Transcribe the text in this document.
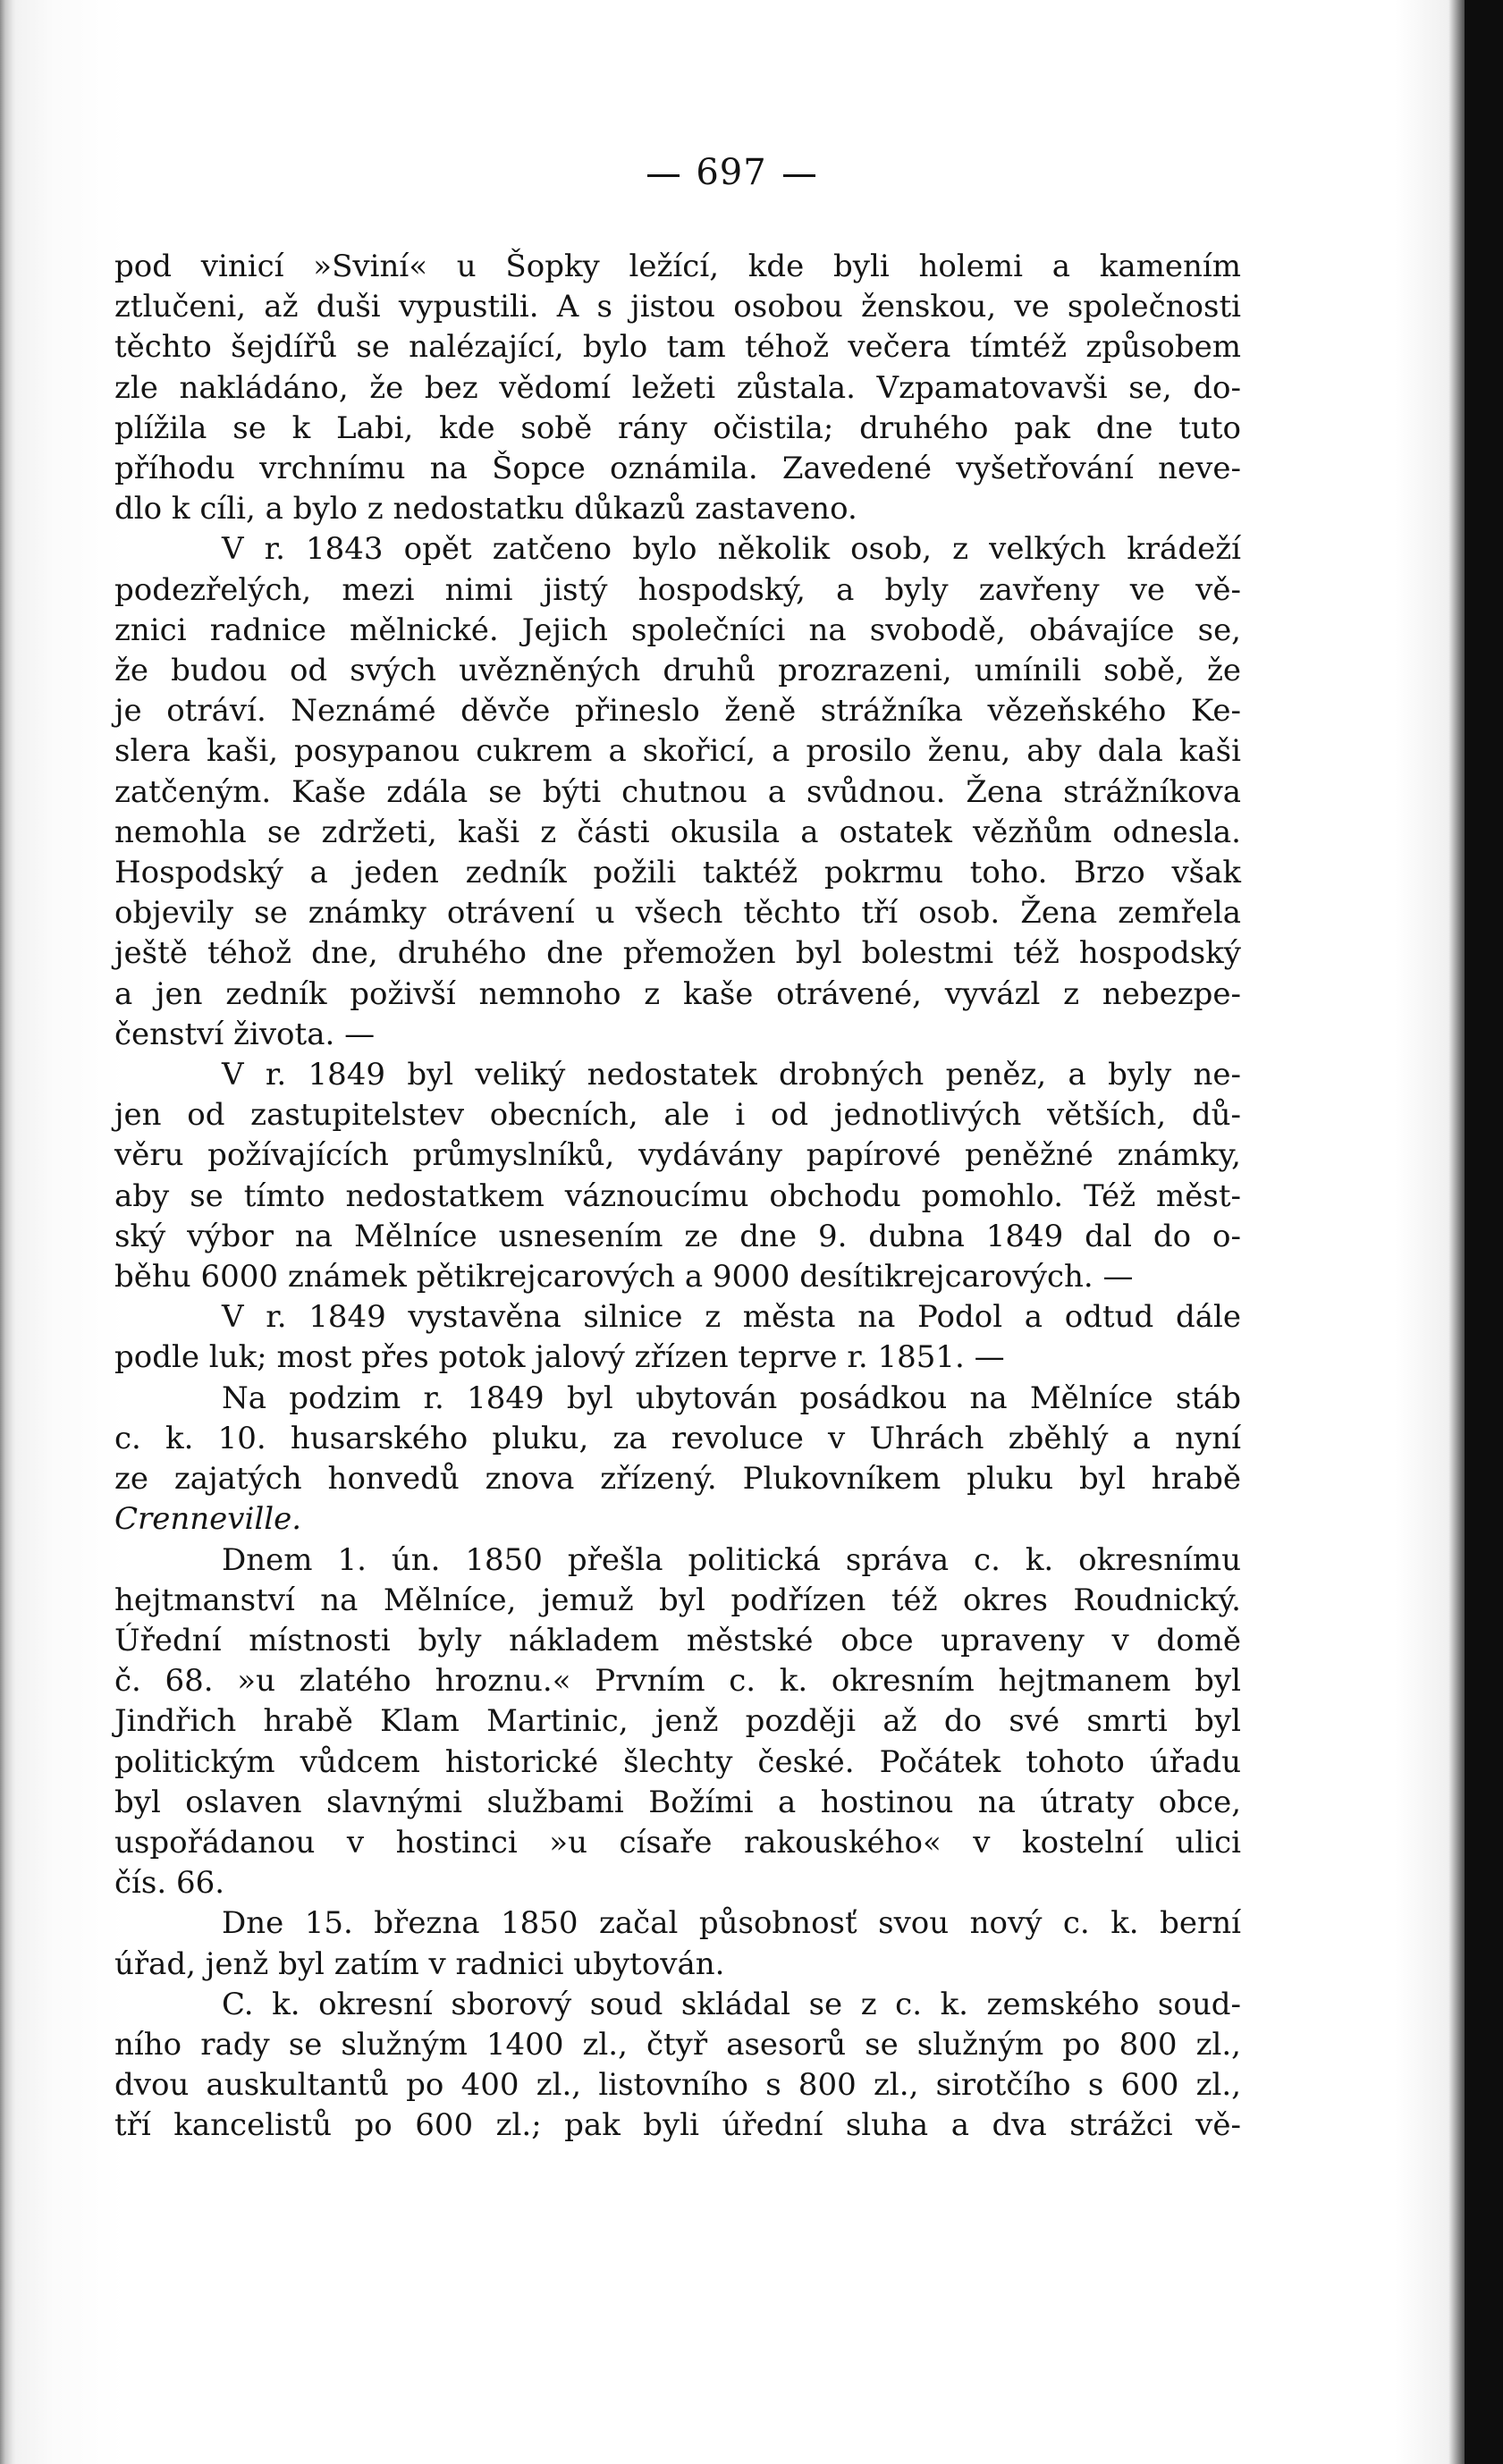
697
pod vinicí »Sviní« u Šopky ležící, kde byli holemi a kamením
ztlučeni, až duši vypustili. A s jistou osobou ženskou, ve společnosti
těchto šejdířů se nalézající, bylo tam téhož večera tímtéž způsobem
zle nakládáno, že bez vědomí ležeti zůstala. Vzpamatovavši se, do-
plížila se k Labi, kde sobě rány očistila; druhého pak dne tuto
příhodu vrchnímu na Šopce oznámila. Zavedené vyšetřování neve-
dlo k cíli, a bylo z nedostatku důkazů zastaveno.
V r. 1843 opět zatčeno bylo několik osob, z velkých krádeží
podezřelých, mezi nimi jistý hospodský, a byly zavřeny ve vě-
znici radnice mělnické. Jejich společníci na svobodě, obávajíce se,
že budou od svých uvězněných druhů prozrazeni, umínili sobě, že
je otráví. Neznámé děvče přineslo ženě strážníka vězeňského Ke-
slera kaši, posypanou cukrem a skořicí, a prosilo ženu, aby dala kaši
zatčeným. Kaše zdála se býti chutnou a svůdnou. Žena strážníkova
nemohla se zdržeti, kaši z části okusila a ostatek vězňům odnesla.
Hospodský a jeden zedník požili taktéž pokrmu toho. Brzo však
objevily se známky otrávení u všech těchto tří osob. Žena zemřela
ještě téhož dne, druhého dne přemožen byl bolestmi též hospodský
a jen zedník poživší nemnoho z kaše otrávené, vyvázl z nebezpe-
čenství života. —
V r. 1849 byl veliký nedostatek drobných peněz, a byly ne-
jen od zastupitelstev obecních, ale i od jednotlivých větších, dů-
věru požívajících průmyslníků, vydávány papírové peněžné známky,
aby se tímto nedostatkem váznoucímu obchodu pomohlo. Též měst-
ský výbor na Mělníce usnesením ze dne 9. dubna 1849 dal do o-
běhu 6000 známek pětikrejcarových a 9000 desítikrejcarových. —
V r. 1849 vystavěna silnice z města na Podol a odtud dále
podle luk; most přes potok jalový zřízen teprve r. 1851. —
Na podzim r. 1849 byl ubytován posádkou na Mělníce stáb
c. k. 10. husarského pluku, za revoluce v Uhrách zběhlý a nyní
ze zajatých honvedů znova zřízený. Plukovníkem pluku byl hrabě
Crenneville.
Dnem 1. ún. 1850 přešla politická správa c. k. okresnímu
hejtmanství na Mělníce, jemuž byl podřízen též okres Roudnický.
Úřední místnosti byly nákladem městské obce upraveny v domě
č. 68. »u zlatého hroznu.« Prvním c. k. okresním hejtmanem byl
Jindřich hrabě Klam Martinic, jenž později až do své smrti byl
politickým vůdcem historické šlechty české. Počátek tohoto úřadu
byl oslaven slavnými službami Božími a hostinou na útraty obce,
uspořádanou v hostinci »u císaře rakouského« v kostelní ulici
čís. 66.
Dne 15. března 1850 začal působnosť svou nový c. k. berní
úřad, jenž byl zatím v radnici ubytován.
C. k. okresní sborový soud skládal se z c. k. zemského soud-
ního rady se služným 1400 zl., čtyř asesorů se služným po 800 zl.,
dvou auskultantů po 400 zl., listovního s 800 zl., sirotčího s 600 zl.,
tří kancelistů po 600 zl.; pak byli úřední sluha a dva strážci vě-
